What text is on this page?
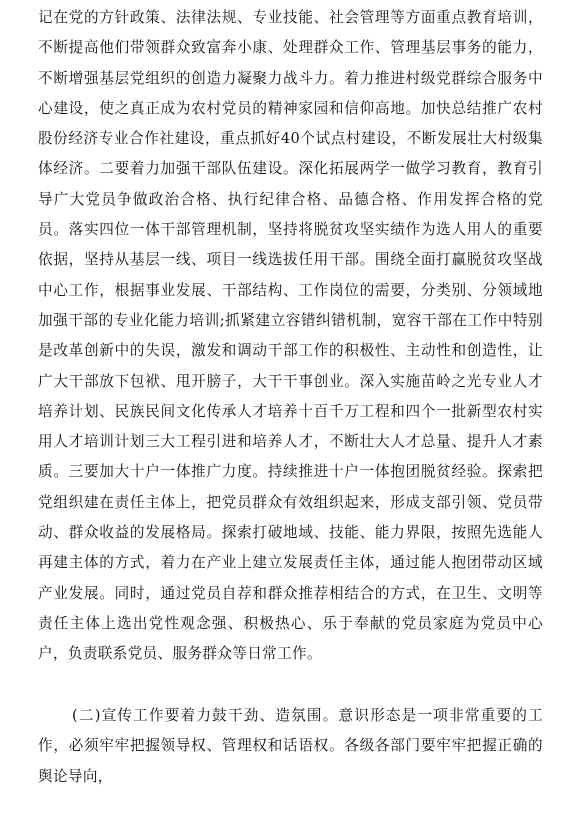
记在党的方针政策、法律法规、专业技能、社会管理等方面重点教育培训，不断提高他们带领群众致富奔小康、处理群众工作、管理基层事务的能力，不断增强基层党组织的创造力凝聚力战斗力。着力推进村级党群综合服务中心建设，使之真正成为农村党员的精神家园和信仰高地。加快总结推广农村股份经济专业合作社建设，重点抓好40个试点村建设，不断发展壮大村级集体经济。二要着力加强干部队伍建设。深化拓展两学一做学习教育，教育引导广大党员争做政治合格、执行纪律合格、品德合格、作用发挥合格的党员。落实四位一体干部管理机制，坚持将脱贫攻坚实绩作为选人用人的重要依据，坚持从基层一线、项目一线选拔任用干部。围绕全面打赢脱贫攻坚战中心工作，根据事业发展、干部结构、工作岗位的需要，分类别、分领域地加强干部的专业化能力培训;抓紧建立容错纠错机制，宽容干部在工作中特别是改革创新中的失误，激发和调动干部工作的积极性、主动性和创造性，让广大干部放下包袱、甩开膀子，大干干事创业。深入实施苗岭之光专业人才培养计划、民族民间文化传承人才培养十百千万工程和四个一批新型农村实用人才培训计划三大工程引进和培养人才，不断壮大人才总量、提升人才素质。三要加大十户一体推广力度。持续推进十户一体抱团脱贫经验。探索把党组织建在责任主体上，把党员群众有效组织起来，形成支部引领、党员带动、群众收益的发展格局。探索打破地域、技能、能力界限，按照先选能人再建主体的方式，着力在产业上建立发展责任主体，通过能人抱团带动区域产业发展。同时，通过党员自荐和群众推荐相结合的方式，在卫生、文明等责任主体上选出党性观念强、积极热心、乐于奉献的党员家庭为党员中心户，负责联系党员、服务群众等日常工作。

(二)宣传工作要着力鼓干劲、造氛围。意识形态是一项非常重要的工作，必须牢牢把握领导权、管理权和话语权。各级各部门要牢牢把握正确的舆论导向，
